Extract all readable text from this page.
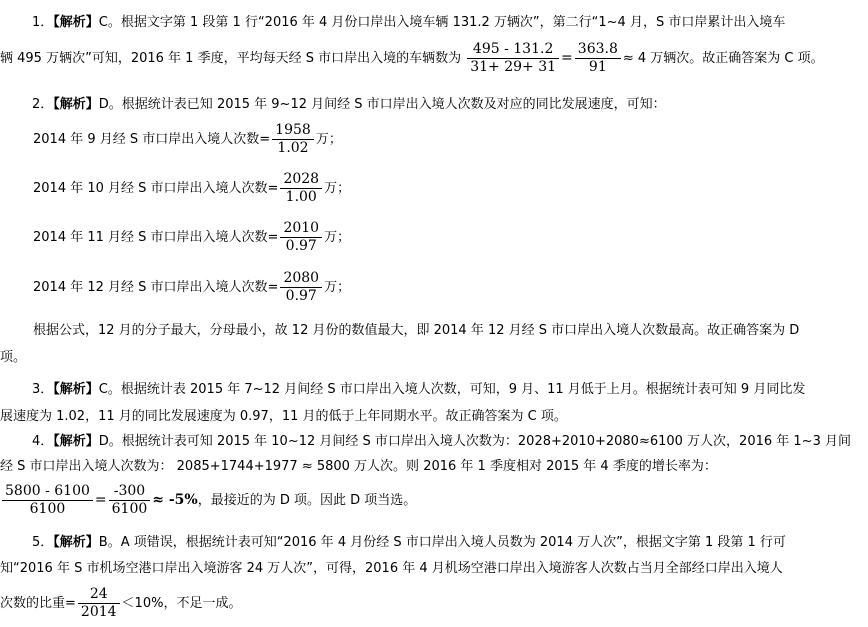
1．【解析】C。根据文字第 1 段第 1 行“2016 年 4 月份口岸出入境车辆 131.2 万辆次”，第二行“1~4 月，S 市口岸累计出入境车
辆 495 万辆次”可知，2016 年 1 季度，平均每天经 S 市口岸出入境的车辆数为 $\frac{495 - 131.2}{31+ 29+ 31} = \frac{363.8}{91} \approx 4$ 万辆次。故正确答案为 C 项。
2．【解析】D。根据统计表已知 2015 年 9~12 月间经 S 市口岸出入境人次数及对应的同比发展速度，可知：
2014 年 9 月经 S 市口岸出入境人次数= $\frac{1958}{1.02}$ 万；
2014 年 10 月经 S 市口岸出入境人次数= $\frac{2028}{1.00}$ 万；
2014 年 11 月经 S 市口岸出入境人次数= $\frac{2010}{0.97}$ 万；
2014 年 12 月经 S 市口岸出入境人次数= $\frac{2080}{0.97}$ 万；
根据公式，12 月的分子最大，分母最小，故 12 月份的数值最大，即 2014 年 12 月经 S 市口岸出入境人次数最高。故正确答案为 D
项。
3．【解析】C。根据统计表 2015 年 7~12 月间经 S 市口岸出入境人次数，可知，9 月、11 月低于上月。根据统计表可知 9 月同比发
展速度为 1.02，11 月的同比发展速度为 0.97，11 月的低于上年同期水平。故正确答案为 C 项。
4．【解析】D。根据统计表可知 2015 年 10~12 月间经 S 市口岸出入境人次数为：2028+2010+2080≈6100 万人次，2016 年 1~3 月间
经 S 市口岸出入境人次数为： 2085+1744+1977 ≈ 5800 万人次。则 2016 年 1 季度相对 2015 年 4 季度的增长率为：
$\frac{5800 - 6100}{6100} = \frac{-300}{6100} \approx -5\%$，最接近的为 D 项。因此 D 项当选。
5．【解析】B。A 项错误，根据统计表可知“2016 年 4 月份经 S 市口岸出入境人员数为 2014 万人次”，根据文字第 1 段第 1 行可
知“2016 年 S 市机场空港口岸出入境游客 24 万人次”，可得，2016 年 4 月机场空港口岸出入境游客人次数占当月全部经口岸出入境人
次数的比重= $\frac{24}{2014} <10\%$，不足一成。
